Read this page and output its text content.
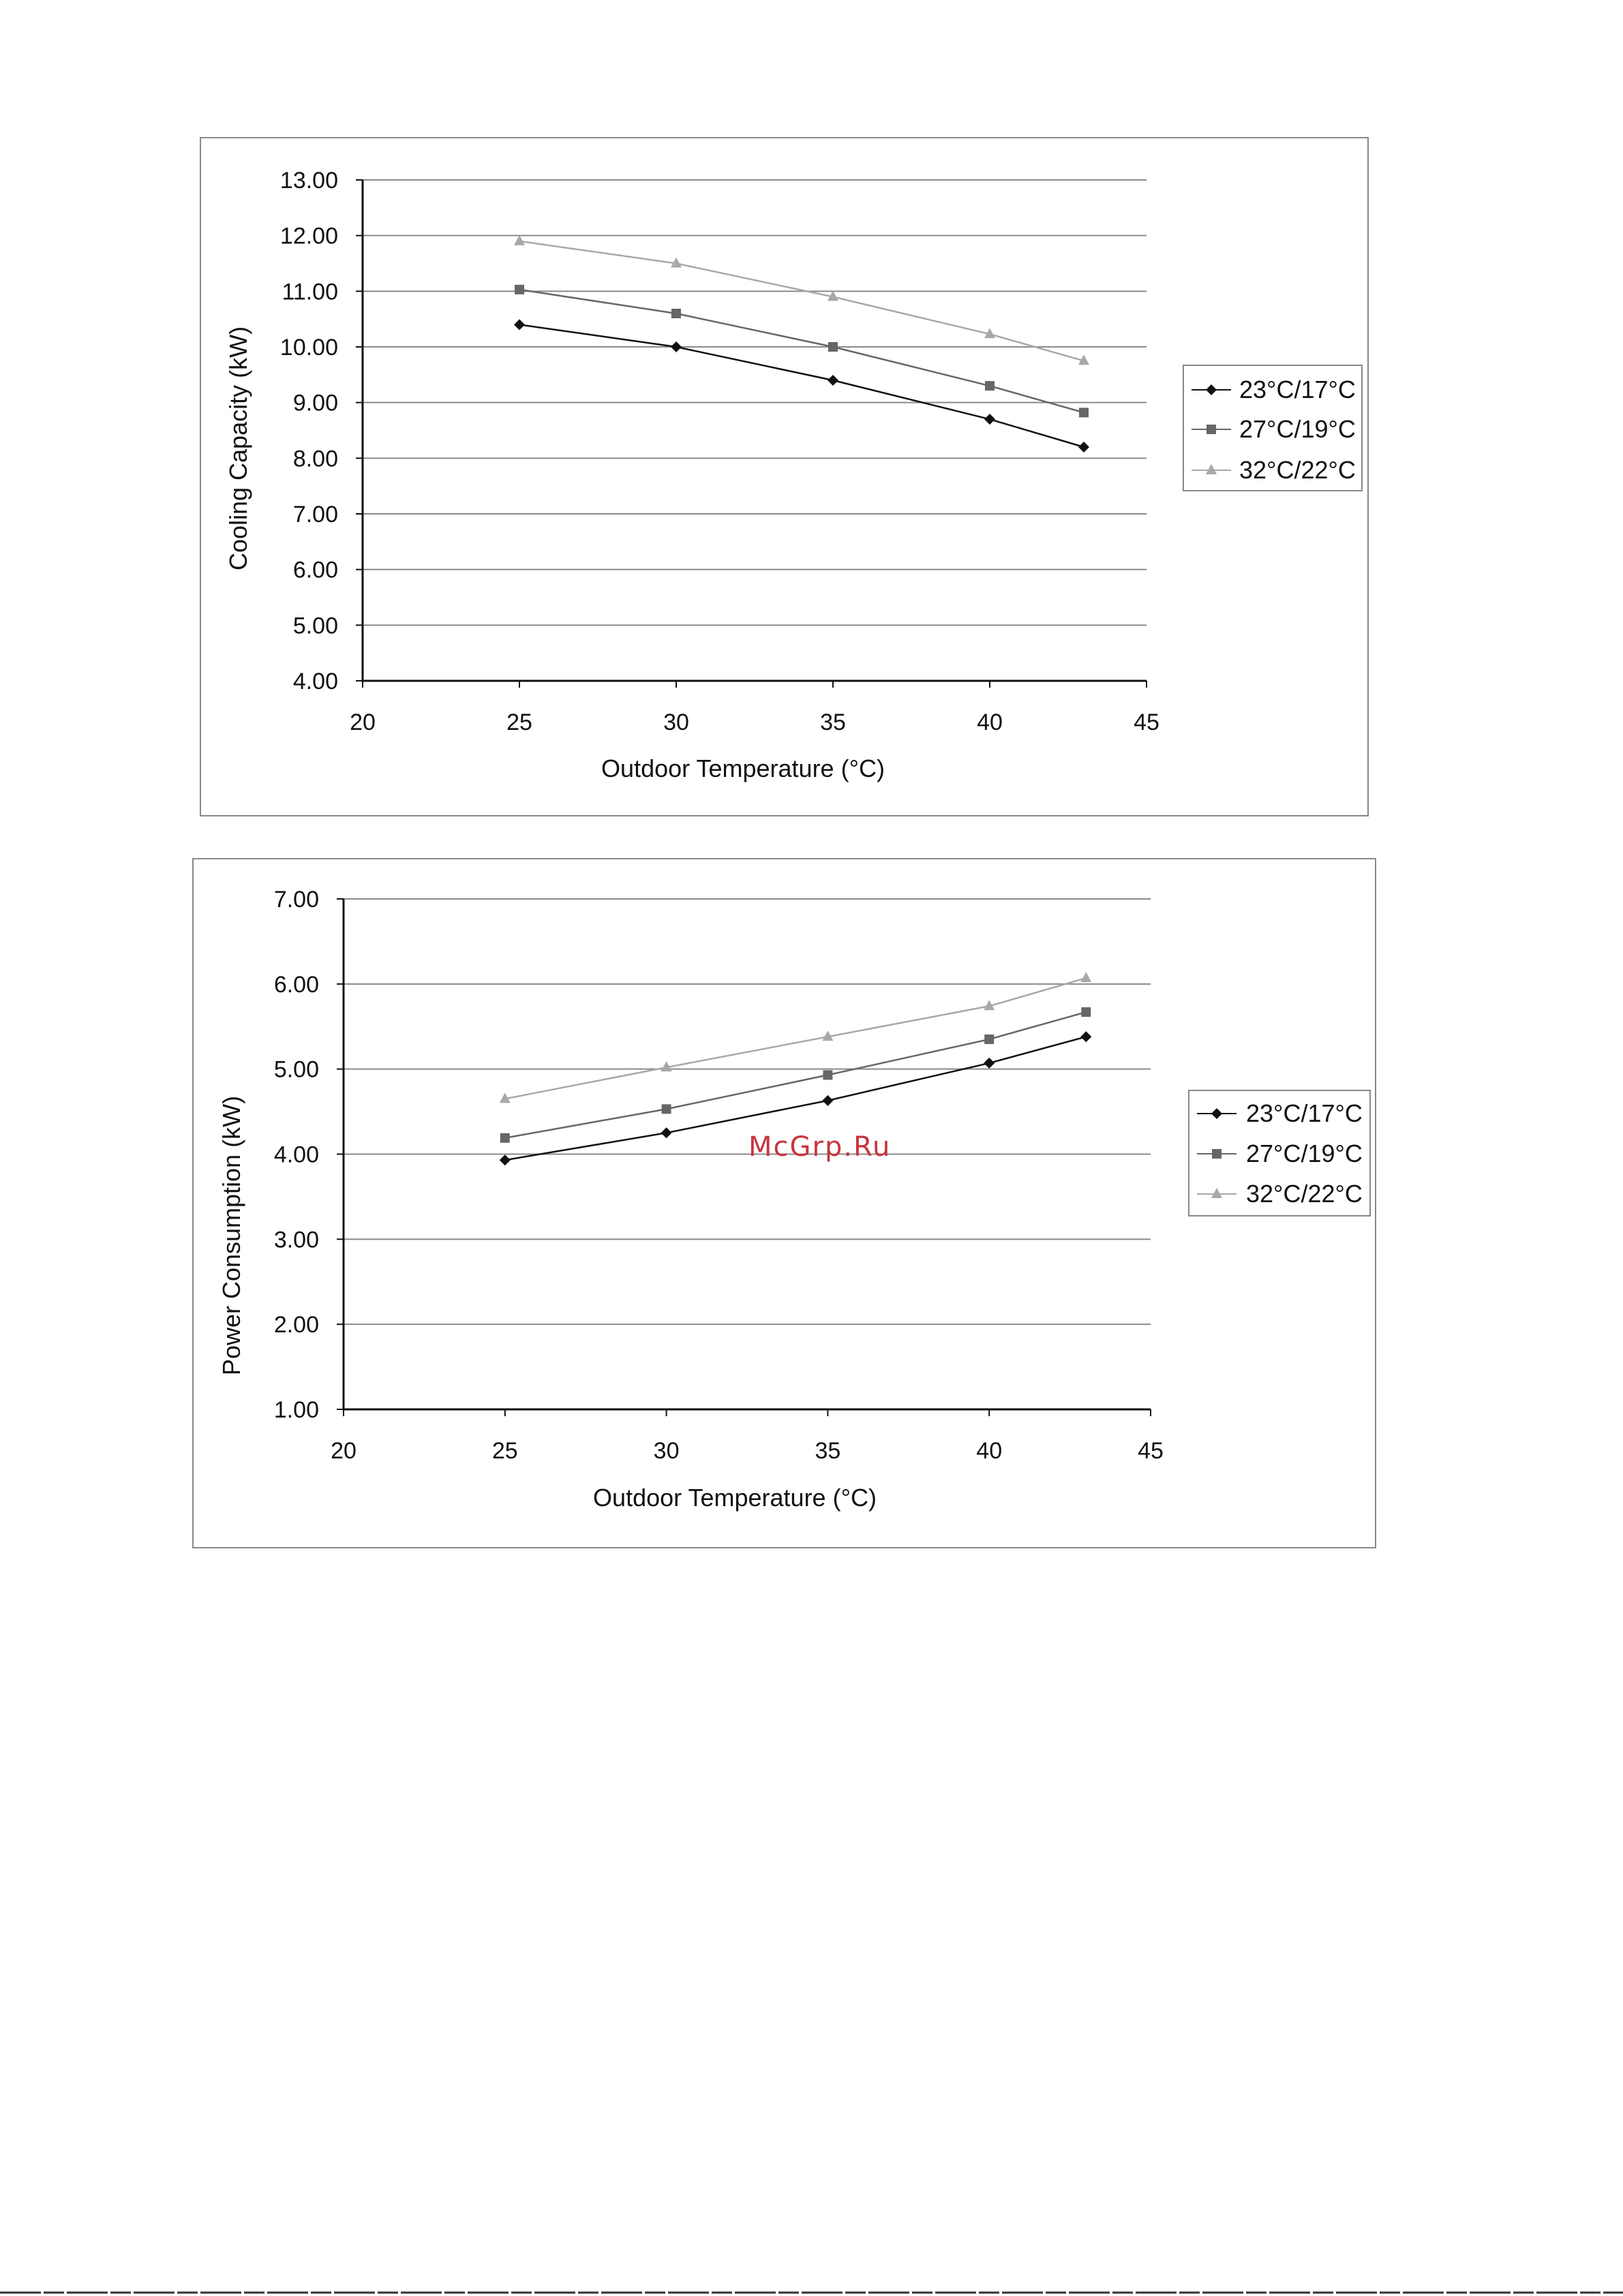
4.00
5.00
6.00
7.00
8.00
9.00
10.00
11.00
12.00
13.00
20	25	30	35	40	45
Cooling Capacity (kW)
Outdoor Temperature (°C)
23°C/17°C
27°C/19°C
32°C/22°C
1.00
2.00
3.00
4.00
5.00
6.00
7.00
20	25	30	35	40	45
Power Consumption (kW)
Outdoor Temperature (°C)
23°C/17°C
27°C/19°C
32°C/22°C
McGrp.Ru
